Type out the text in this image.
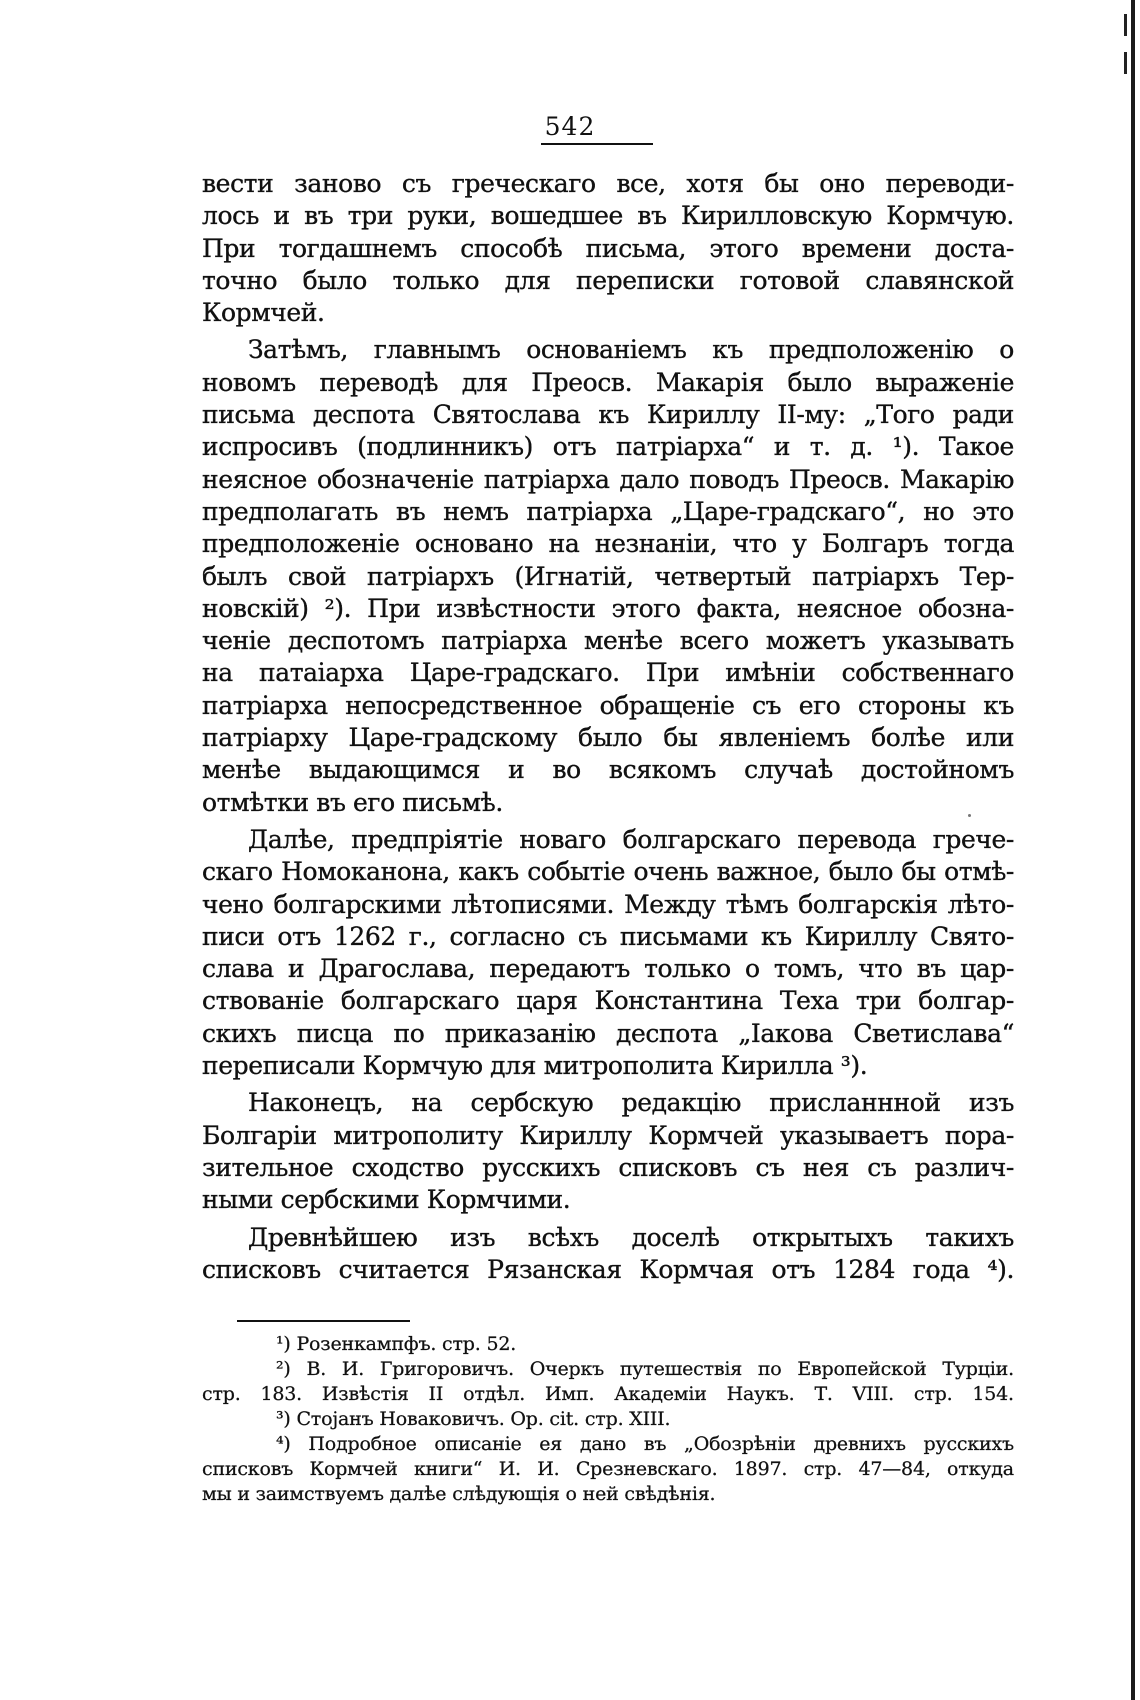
542
вести заново съ греческаго все, хотя бы оно переводи-
лось и въ три руки, вошедшее въ Кирилловскую Кормчую.
При тогдашнемъ способѣ письма, этого времени доста-
точно было только для переписки готовой славянской
Кормчей.
Затѣмъ, главнымъ основаніемъ къ предположенію о
новомъ переводѣ для Преосв. Макарія было выраженіе
письма деспота Святослава къ Кириллу II-му: „Того ради
испросивъ (подлинникъ) отъ патріарха“ и т. д. ¹). Такое
неясное обозначеніе патріарха дало поводъ Преосв. Макарію
предполагать въ немъ патріарха „Царе-градскаго“, но это
предположеніе основано на незнаніи, что у Болгаръ тогда
былъ свой патріархъ (Игнатій, четвертый патріархъ Тер-
новскій) ²). При извѣстности этого факта, неясное обозна-
ченіе деспотомъ патріарха менѣе всего можетъ указывать
на патаіарха Царе-градскаго. При имѣніи собственнаго
патріарха непосредственное обращеніе съ его стороны къ
патріарху Царе-градскому было бы явленіемъ болѣе или
менѣе выдающимся и во всякомъ случаѣ достойномъ
отмѣтки въ его письмѣ.
Далѣе, предпріятіе новаго болгарскаго перевода грече-
скаго Номоканона, какъ событіе очень важное, было бы отмѣ-
чено болгарскими лѣтописями. Между тѣмъ болгарскія лѣто-
писи отъ 1262 г., согласно съ письмами къ Кириллу Свято-
слава и Драгослава, передаютъ только о томъ, что въ цар-
ствованіе болгарскаго царя Константина Теха три болгар-
скихъ писца по приказанію деспота „Іакова Светислава“
переписали Кормчую для митрополита Кирилла ³).
Наконецъ, на сербскую редакцію присланнной изъ
Болгаріи митрополиту Кириллу Кормчей указываетъ пора-
зительное сходство русскихъ списковъ съ нея съ различ-
ными сербскими Кормчими.
Древнѣйшею изъ всѣхъ доселѣ открытыхъ такихъ
списковъ считается Рязанская Кормчая отъ 1284 года ⁴).
¹) Розенкампфъ. стр. 52.
²) В. И. Григоровичъ. Очеркъ путешествія по Европейской Турціи.
стр. 183. Извѣстія II отдѣл. Имп. Академіи Наукъ. Т. VIII. стр. 154.
³) Стојанъ Новаковичъ. Op. cit. стр. XIII.
⁴) Подробное описаніе ея дано въ „Обозрѣніи древнихъ русскихъ
списковъ Кормчей книги“ И. И. Срезневскаго. 1897. стр. 47—84, откуда
мы и заимствуемъ далѣе слѣдующія о ней свѣдѣнія.
